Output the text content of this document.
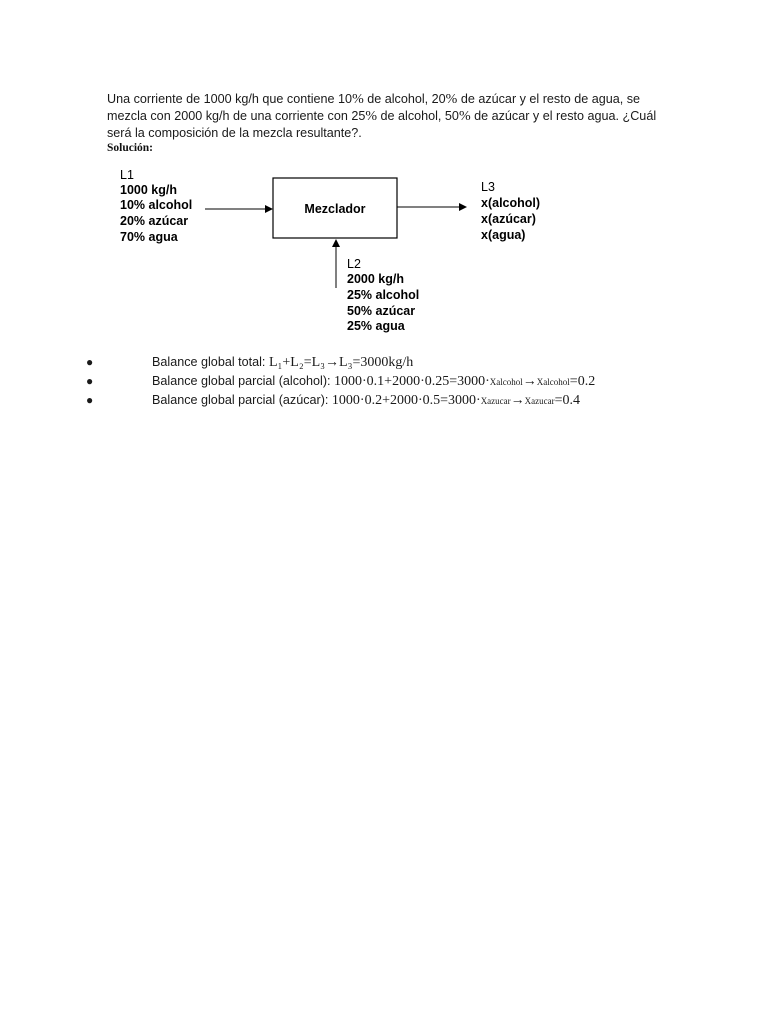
Una corriente de 1000 kg/h que contiene 10% de alcohol, 20% de azúcar y el resto de agua, se
mezcla con 2000 kg/h de una corriente con 25% de alcohol, 50% de azúcar y el resto agua. ¿Cuál
será la composición de la mezcla resultante?.
Solución:
L1
1000 kg/h
10% alcohol
20% azúcar
70% agua
Mezclador
L3
x(alcohol)
x(azúcar)
x(agua)
L2
2000 kg/h
25% alcohol
50% azúcar
25% agua
●	Balance global total: L₁+L₂=L₃→L₃=3000kg/h
●	Balance global parcial (alcohol): 1000·0.1+2000·0.25=3000·Xalcohol→Xalcohol=0.2
●	Balance global parcial (azúcar): 1000·0.2+2000·0.5=3000·Xazucar→Xazucar=0.4
